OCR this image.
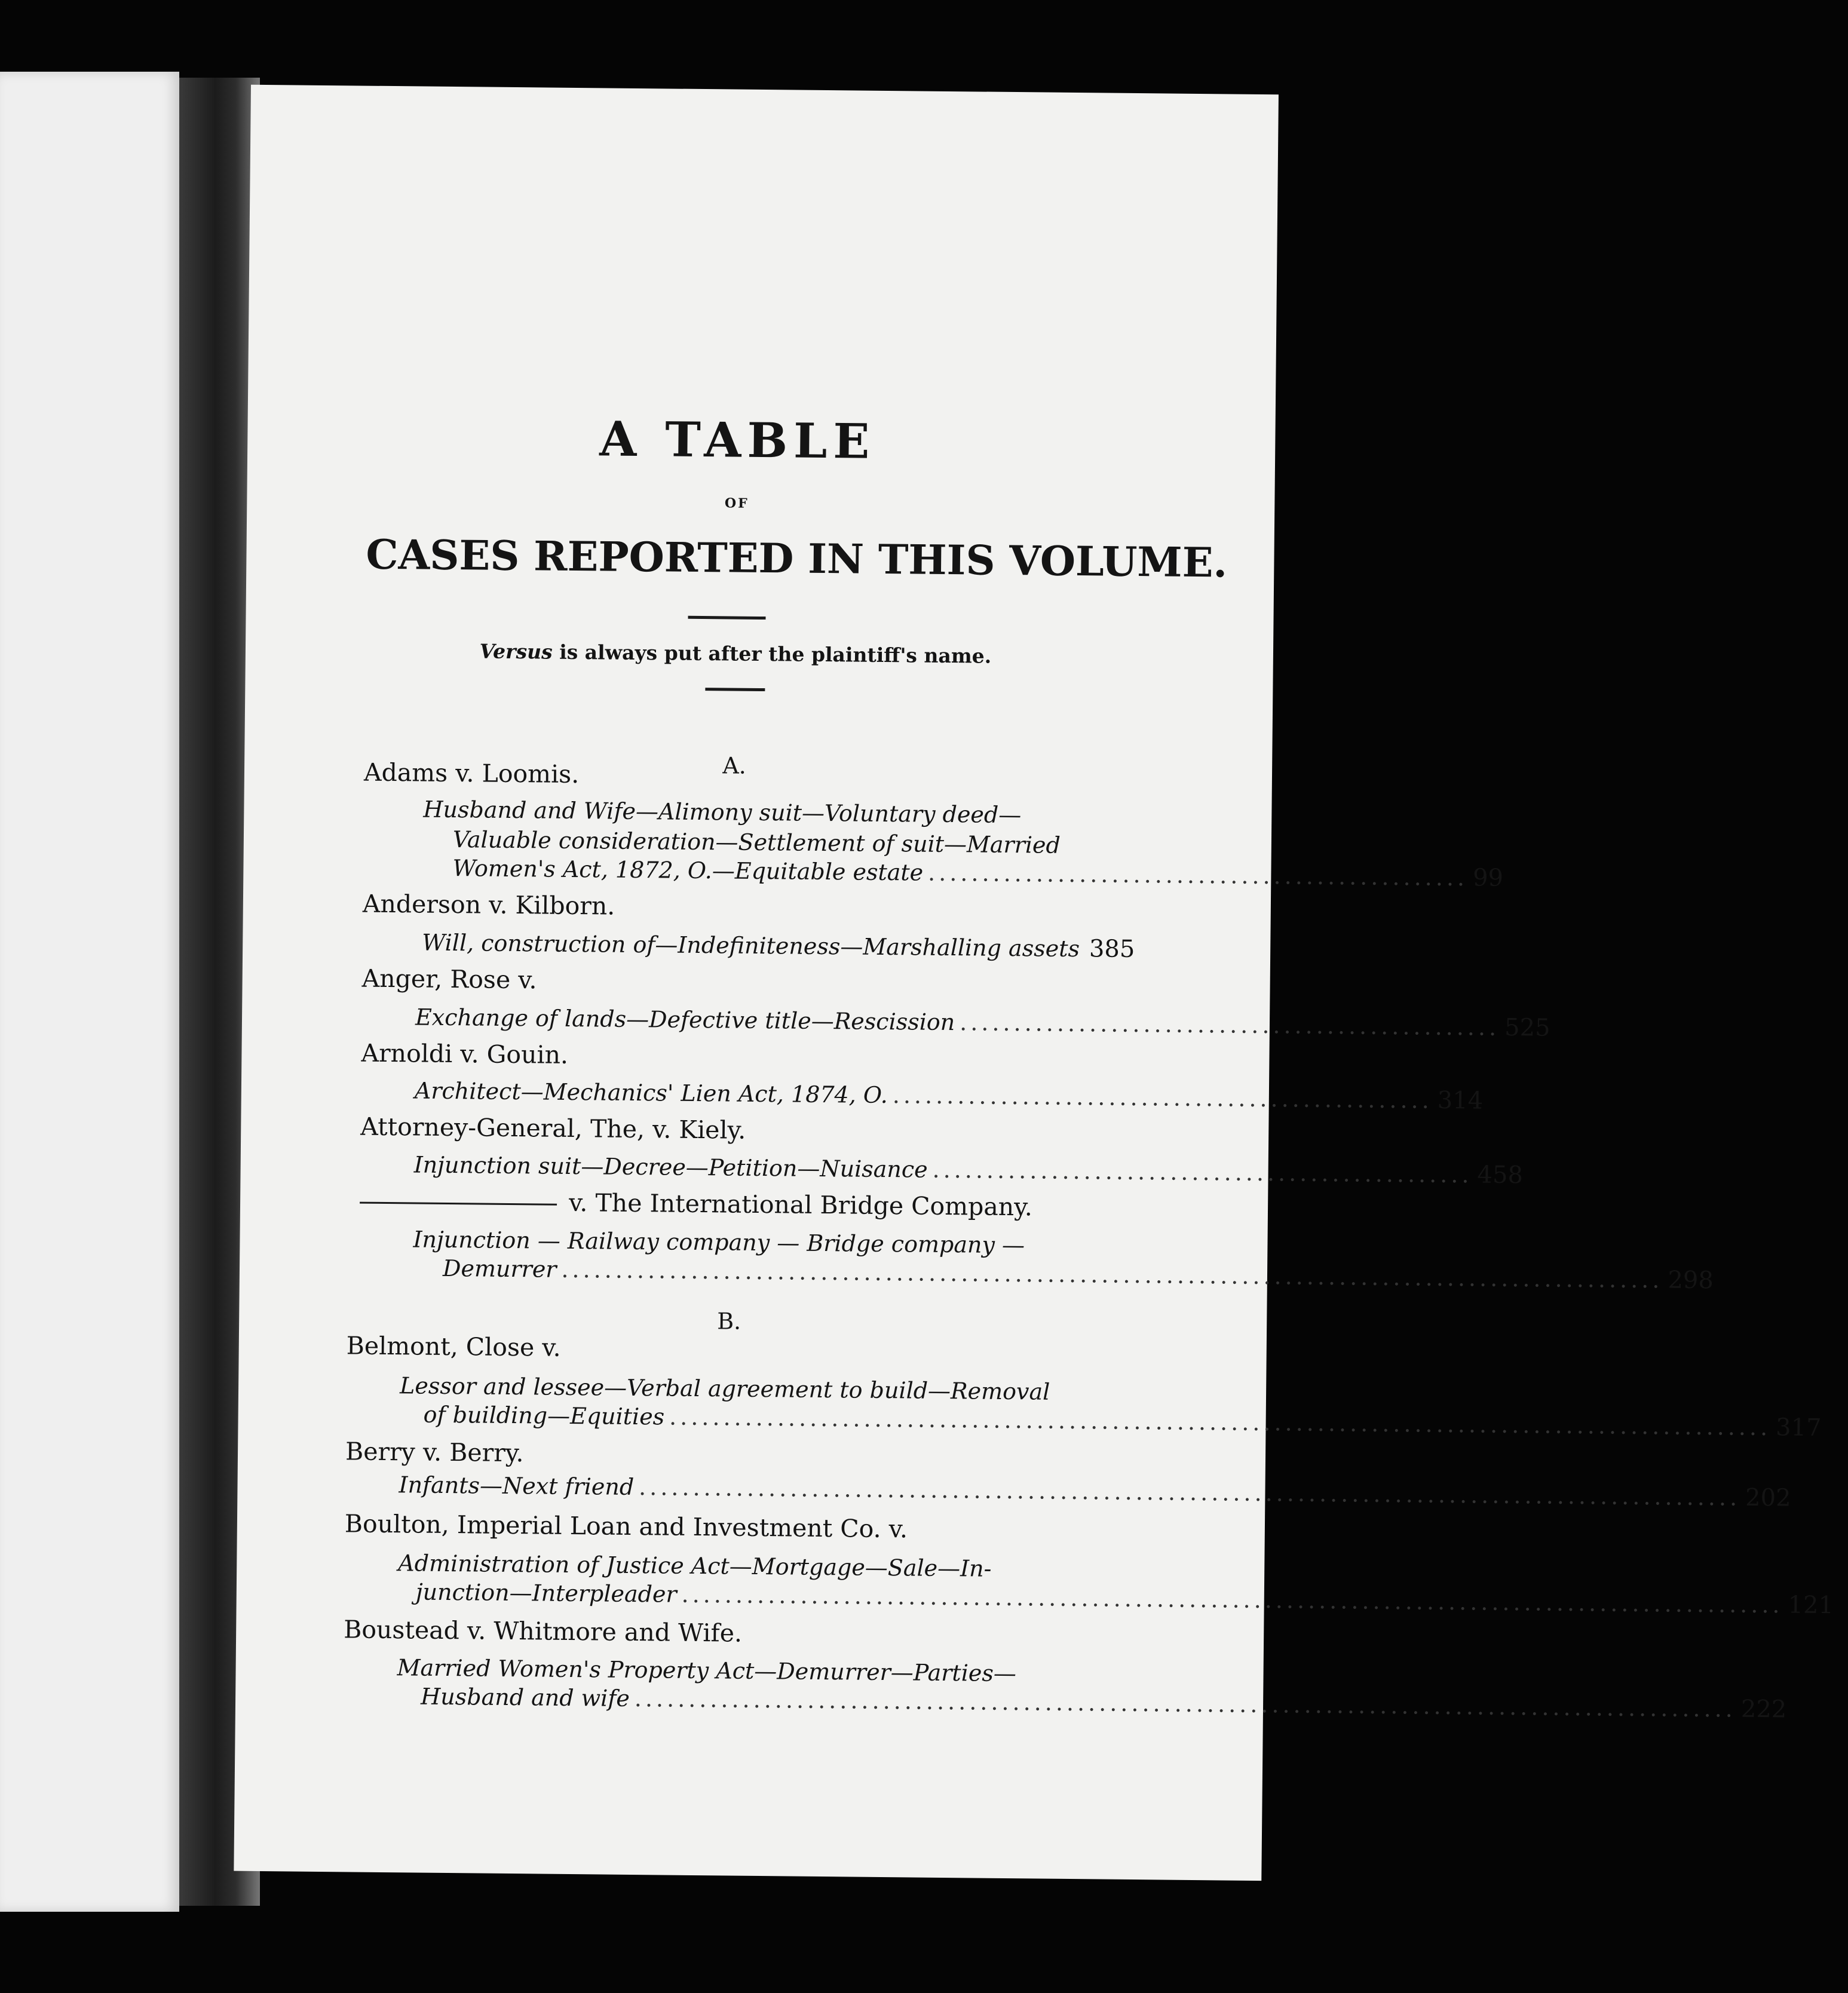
A TABLE
OF
CASES REPORTED IN THIS VOLUME.
Versus is always put after the plaintiff's name.
A.
Adams v. Loomis.
Husband and Wife—Alimony suit—Voluntary deed—
Valuable consideration—Settlement of suit—Married
Women's Act, 1872, O.—Equitable estate .................................................. 99
Anderson v. Kilborn.
Will, construction of—Indefiniteness—Marshalling assets 385
Anger, Rose v.
Exchange of lands—Defective title—Rescission .................................................. 525
Arnoldi v. Gouin.
Architect—Mechanics' Lien Act, 1874, O. .................................................. 314
Attorney-General, The, v. Kiely.
Injunction suit—Decree—Petition—Nuisance .................................................. 458
v. The International Bridge Company.
Injunction — Railway company — Bridge company —
Demurrer ...................................................................................................... 298
B.
Belmont, Close v.
Lessor and lessee—Verbal agreement to build—Removal
of building—Equities ...................................................................................................... 317
Berry v. Berry.
Infants—Next friend ...................................................................................................... 202
Boulton, Imperial Loan and Investment Co. v.
Administration of Justice Act—Mortgage—Sale—In-
junction—Interpleader ...................................................................................................... 121
Boustead v. Whitmore and Wife.
Married Women's Property Act—Demurrer—Parties—
Husband and wife ...................................................................................................... 222
